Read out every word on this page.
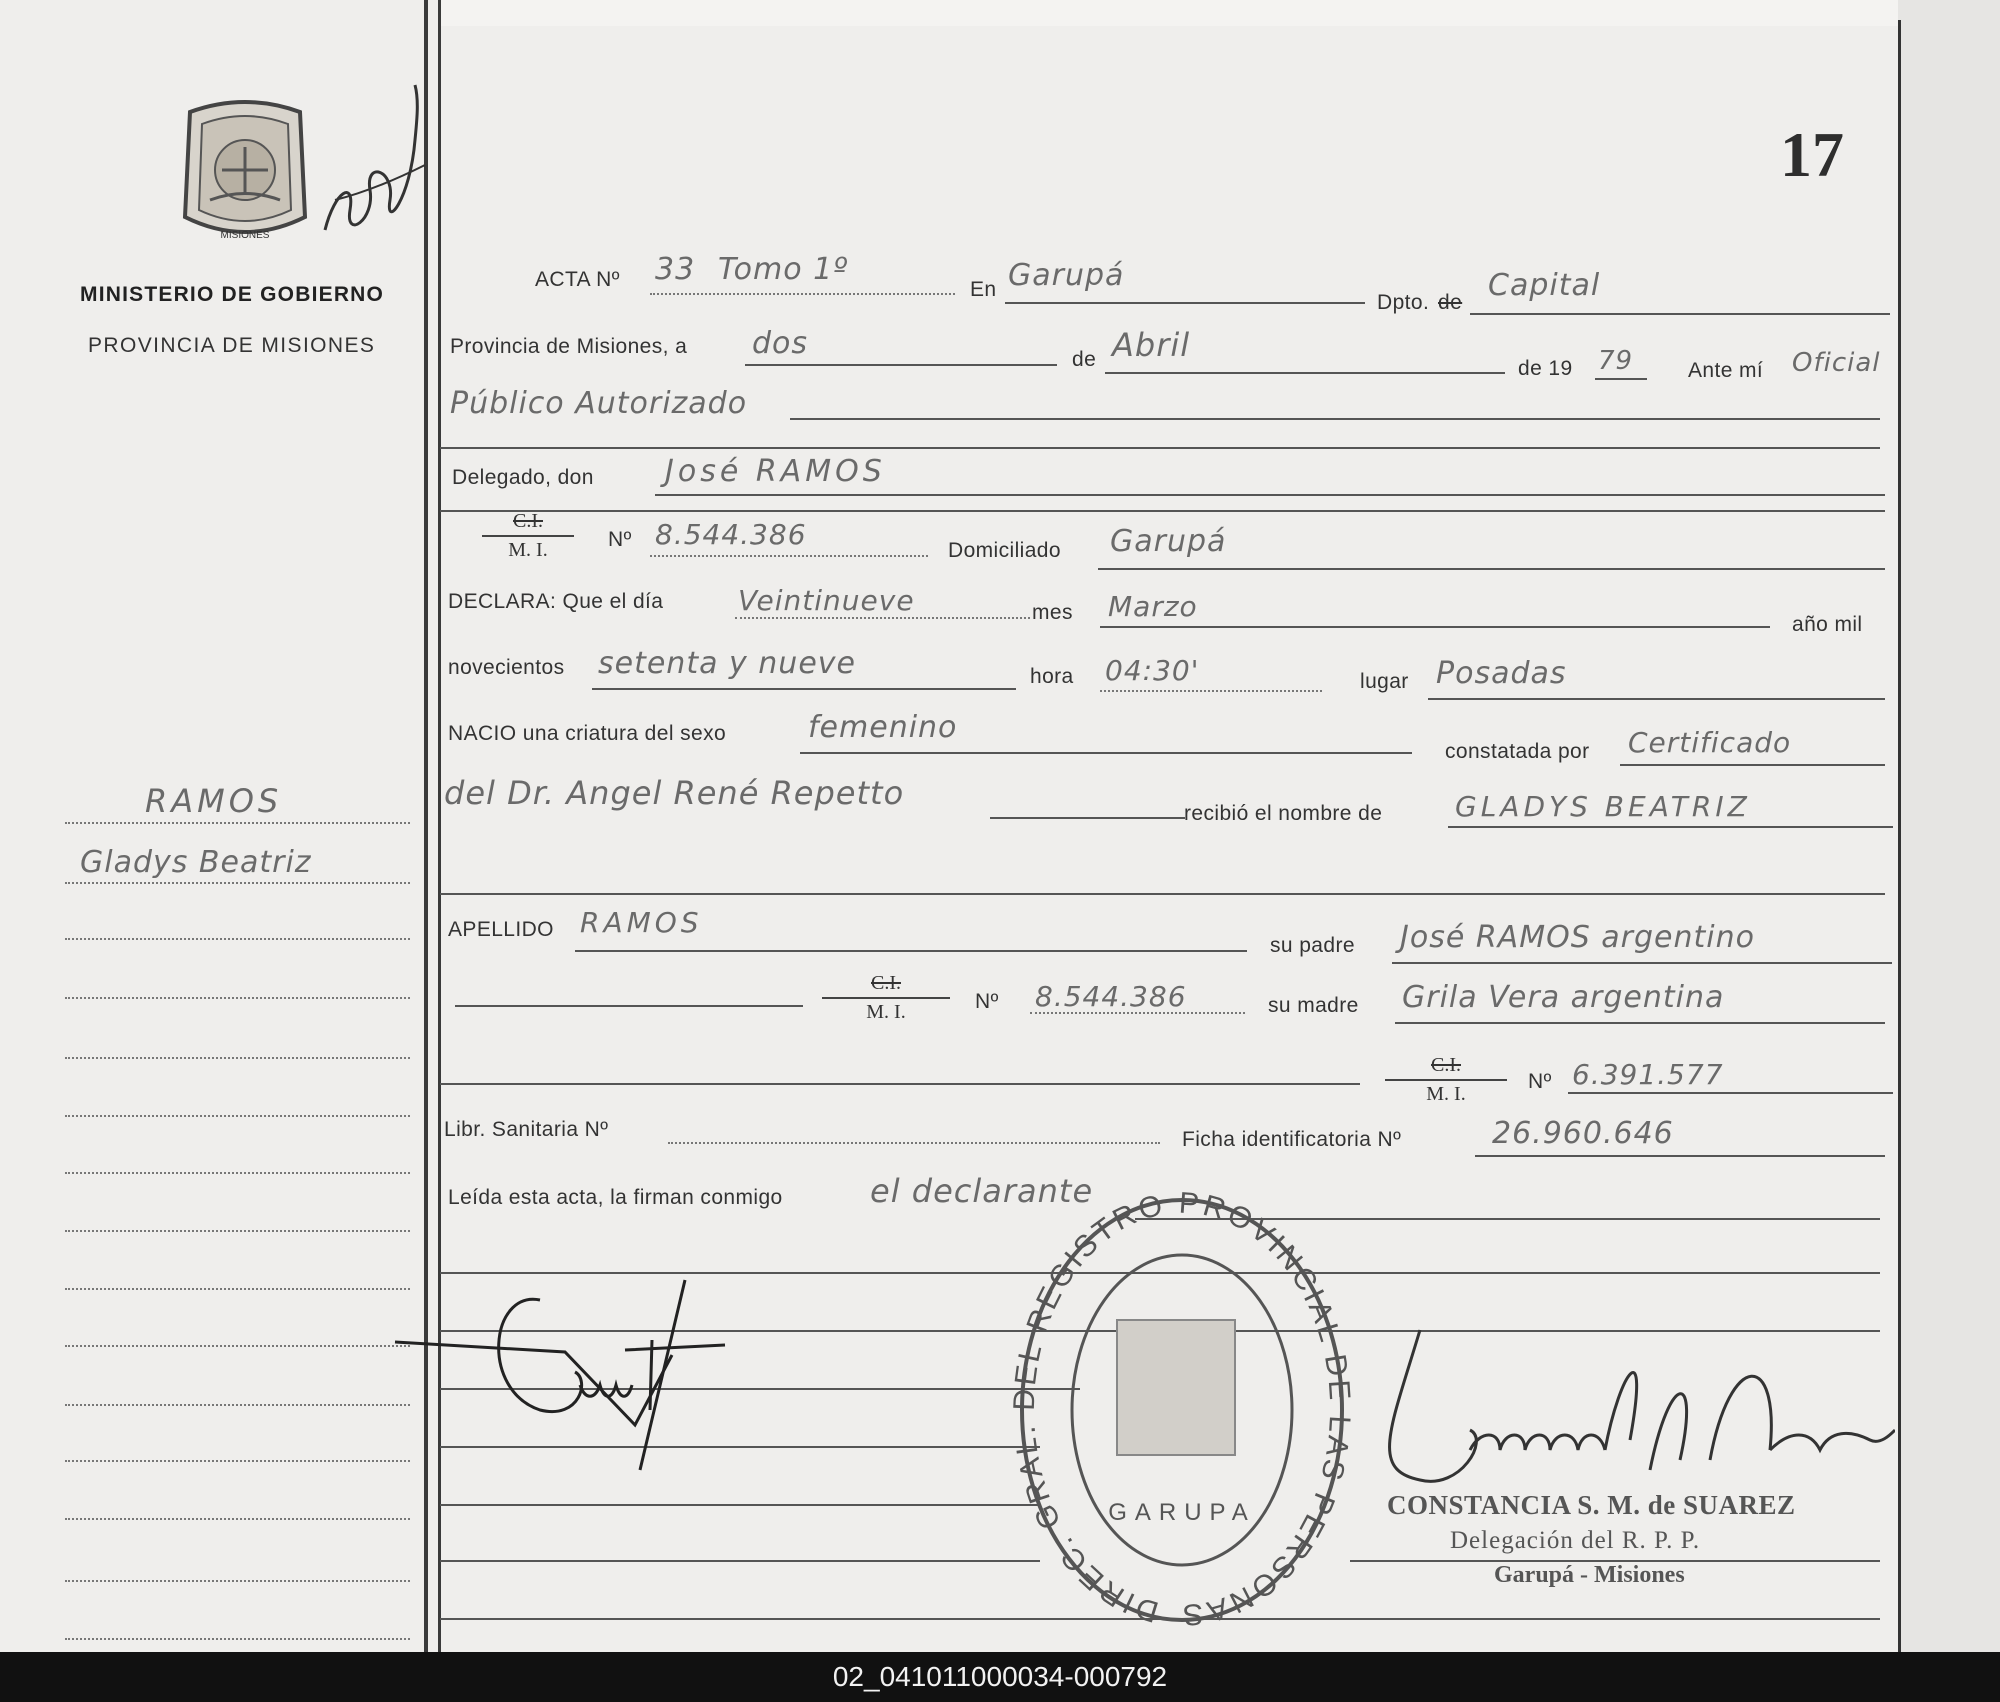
17
MISIONES
MINISTERIO DE GOBIERNO
PROVINCIA DE MISIONES
RAMOS
Gladys Beatriz
ACTA Nº 33 Tomo 1º
En Garupá
Dpto. de Capital
Provincia de Misiones, a dos	de Abril
de 19 79	Ante mí Oficial
Público Autorizado
Delegado, don José RAMOS
C.I.
M. I.	Nº 8.544.386	Domiciliado Garupá
DECLARA: Que el día	Veintinueve	mes Marzo
año mil
novecientos setenta y nueve	hora 04:30'	lugar Posadas
NACIO una criatura del sexo	femenino
constatada por Certificado
del Dr. Angel René Repetto
recibió el nombre de	GLADYS BEATRIZ
APELLIDO RAMOS
su padre José RAMOS argentino
C.I.
M. I.	Nº 8.544.386	su madre Grila Vera argentina
C.I.
M. I.
Nº 6.391.577
Libr. Sanitaria Nº	Ficha identificatoria Nº	26.960.646
Leída esta acta, la firman conmigo	el declarante
DIREC. GRAL EL REGISTRO PROVINCIAL D AS PERSONAS
GARUPA	CONSTANCIA S. M. de SUAREZ
Delegación del R. P. P.
Garupá - Misiones
02_041011000034-000792
